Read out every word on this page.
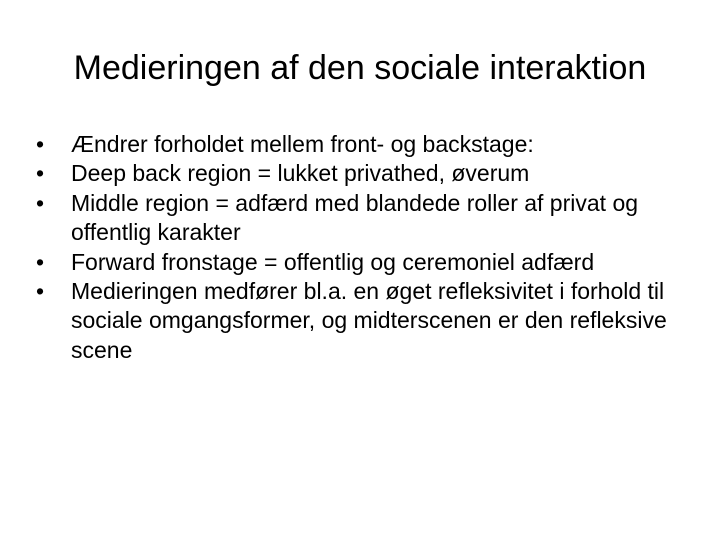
Medieringen af den sociale interaktion
•	Ændrer forholdet mellem front- og backstage:
•	Deep back region = lukket privathed, øverum
•	Middle region = adfærd med blandede roller af privat og offentlig karakter
•	Forward fronstage = offentlig og ceremoniel adfærd
•	Medieringen medfører bl.a. en øget refleksivitet i forhold til sociale omgangsformer, og midterscenen er den refleksive scene
